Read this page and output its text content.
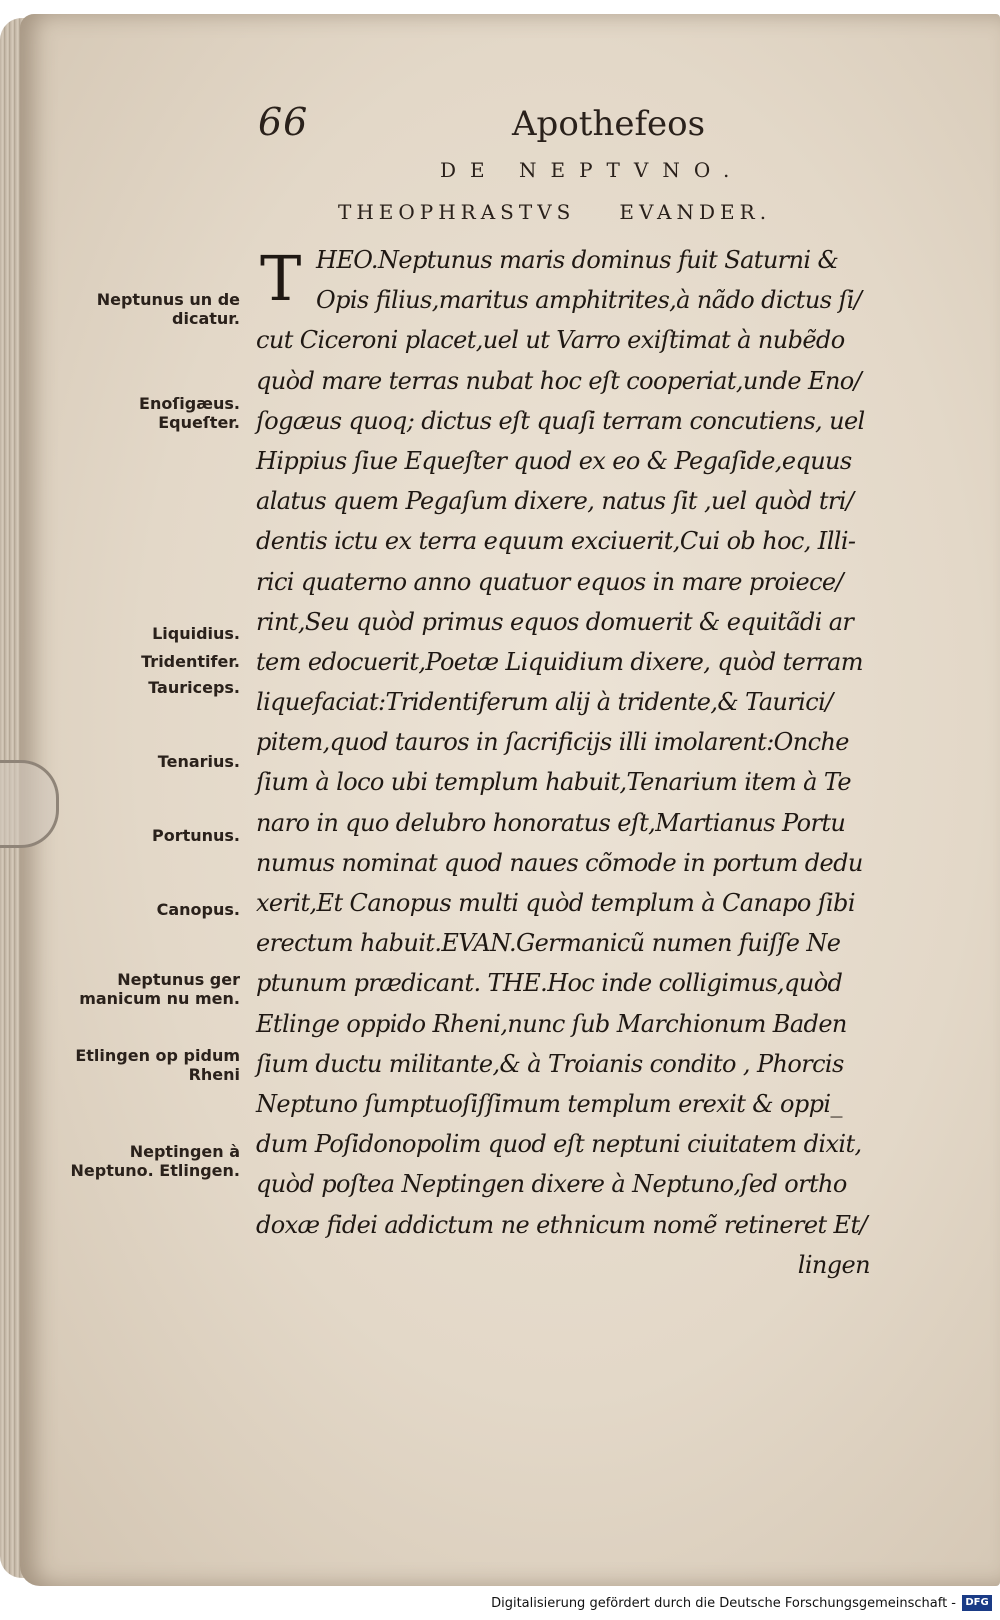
66	Apothefeos
DE NEPTVNO.
THEOPHRASTVS EVANDER.
T HEO.Neptunus maris dominus fuit Saturni &
Opis filius,maritus amphitrites,à nãdo dictus ſi/
cut Ciceroni placet,uel ut Varro exiſtimat à nubẽdo
quòd mare terras nubat hoc eſt cooperiat,unde Eno/
ſogæus quoq; dictus eſt quaſi terram concutiens, uel
Hippius ſiue Equeſter quod ex eo & Pegaſide,equus
alatus quem Pegaſum dixere, natus ſit ,uel quòd tri/
dentis ictu ex terra equum exciuerit,Cui ob hoc, Illi-
rici quaterno anno quatuor equos in mare proiece/
rint,Seu quòd primus equos domuerit & equitãdi ar
tem edocuerit,Poetæ Liquidium dixere, quòd terram
liquefaciat:Tridentiferum alij à tridente,& Taurici/
pitem,quod tauros in ſacrificijs illi imolarent:Onche
ſium à loco ubi templum habuit,Tenarium item à Te
naro in quo delubro honoratus eſt,Martianus Portu
numus nominat quod naues cõmode in portum dedu
xerit,Et Canopus multi quòd templum à Canapo ſibi
erectum habuit.EVAN.Germanicũ numen fuiſſe Ne
ptunum prædicant. THE.Hoc inde colligimus,quòd
Etlinge oppido Rheni,nunc ſub Marchionum Baden
ſium ductu militante,& à Troianis condito , Phorcis
Neptuno ſumptuoſiſſimum templum erexit & oppi_
dum Poſidonopolim quod eſt neptuni ciuitatem dixit,
quòd poſtea Neptingen dixere à Neptuno,ſed ortho
doxæ fidei addictum ne ethnicum nomẽ retineret Et/
lingen
Neptunus un de dicatur.
Enoſigæus. Equeſter.
Liquidius.
Tridentifer.
Tauriceps.
Tenarius.
Portunus.
Canopus.
Neptunus ger manicum nu men.
Etlingen op pidum Rheni
Neptingen à Neptuno. Etlingen.
Digitalisierung gefördert durch die Deutsche Forschungsgemeinschaft - DFG
